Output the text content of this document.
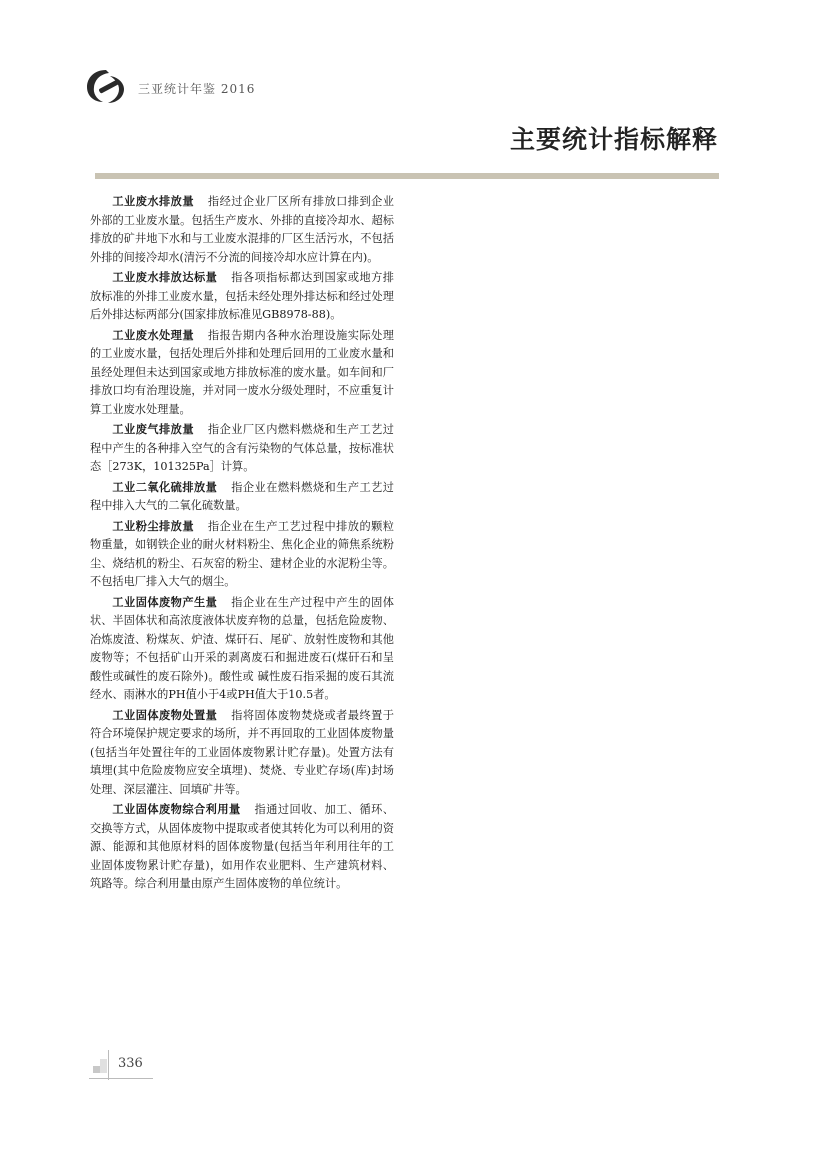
三亚统计年鉴 2016
主要统计指标解释

工业废水排放量 指经过企业厂区所有排放口排到企业外部的工业废水量。包括生产废水、外排的直接冷却水、超标排放的矿井地下水和与工业废水混排的厂区生活污水，不包括外排的间接冷却水(清污不分流的间接冷却水应计算在内)。

工业废水排放达标量 指各项指标都达到国家或地方排放标准的外排工业废水量，包括未经处理外排达标和经过处理后外排达标两部分(国家排放标准见GB8978-88)。

工业废水处理量 指报告期内各种水治理设施实际处理的工业废水量，包括处理后外排和处理后回用的工业废水量和虽经处理但未达到国家或地方排放标准的废水量。如车间和厂排放口均有治理设施，并对同一废水分级处理时，不应重复计算工业废水处理量。

工业废气排放量 指企业厂区内燃料燃烧和生产工艺过程中产生的各种排入空气的含有污染物的气体总量，按标准状态［273K，101325Pa］计算。

工业二氧化硫排放量 指企业在燃料燃烧和生产工艺过程中排入大气的二氧化硫数量。

工业粉尘排放量 指企业在生产工艺过程中排放的颗粒物重量，如钢铁企业的耐火材料粉尘、焦化企业的筛焦系统粉尘、烧结机的粉尘、石灰窑的粉尘、建材企业的水泥粉尘等。不包括电厂排入大气的烟尘。

工业固体废物产生量 指企业在生产过程中产生的固体状、半固体状和高浓度液体状废弃物的总量，包括危险废物、冶炼废渣、粉煤灰、炉渣、煤矸石、尾矿、放射性废物和其他废物等；不包括矿山开采的剥离废石和掘进废石(煤矸石和呈酸性或碱性的废石除外)。酸性或 碱性废石指采掘的废石其流经水、雨淋水的PH值小于4或PH值大于10.5者。

工业固体废物处置量 指将固体废物焚烧或者最终置于符合环境保护规定要求的场所，并不再回取的工业固体废物量(包括当年处置往年的工业固体废物累计贮存量)。处置方法有填埋(其中危险废物应安全填埋)、焚烧、专业贮存场(库)封场处理、深层灌注、回填矿井等。

工业固体废物综合利用量 指通过回收、加工、循环、交换等方式，从固体废物中提取或者使其转化为可以利用的资源、能源和其他原材料的固体废物量(包括当年利用往年的工业固体废物累计贮存量)，如用作农业肥料、生产建筑材料、筑路等。综合利用量由原产生固体废物的单位统计。

336
